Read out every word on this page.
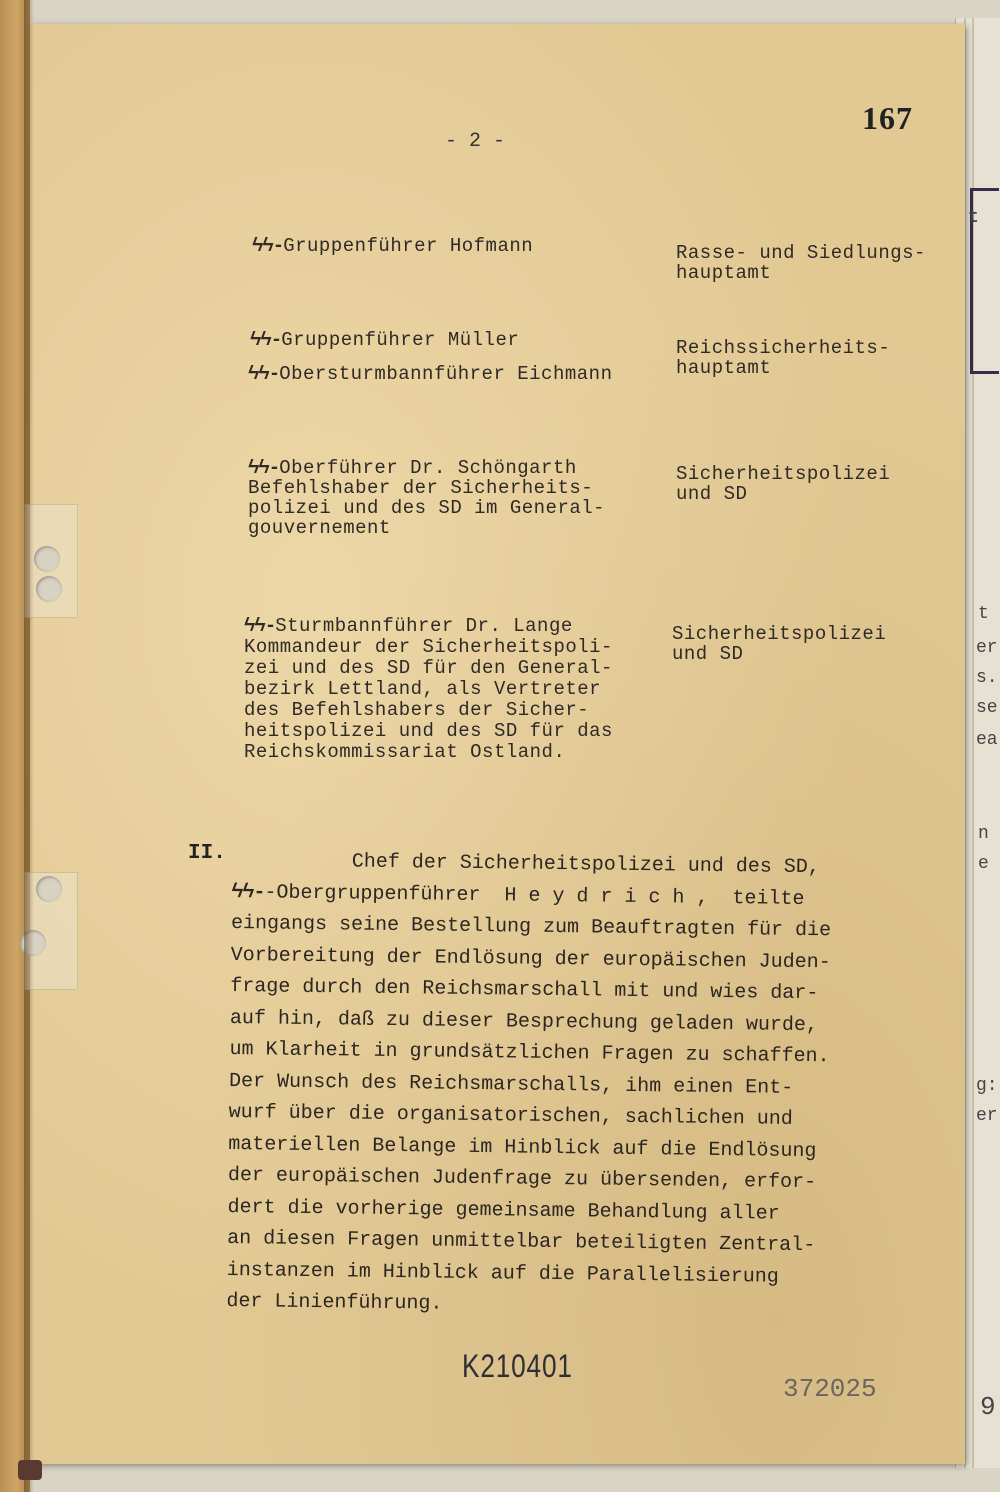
t
t
er
s.
se
ea
n
e
g:
er
9
167
- 2 -
ϟϟ-Gruppenführer Hofmann	Rasse- und Siedlungs-
hauptamt
ϟϟ-Gruppenführer Müller
ϟϟ-Obersturmbannführer Eichmann
Reichssicherheits-
hauptamt
ϟϟ-Oberführer Dr. Schöngarth
Befehlshaber der Sicherheits-
polizei und des SD im General-
gouvernement
Sicherheitspolizei
und SD
ϟϟ-Sturmbannführer Dr. Lange
Kommandeur der Sicherheitspoli-
zei und des SD für den General-
bezirk Lettland, als Vertreter
des Befehlshabers der Sicher-
heitspolizei und des SD für das
Reichskommissariat Ostland.
Sicherheitspolizei
und SD
II. Chef der Sicherheitspolizei und des SD,
ϟϟ--Obergruppenführer  H e y d r i c h ,  teilte
eingangs seine Bestellung zum Beauftragten für die
Vorbereitung der Endlösung der europäischen Juden-
frage durch den Reichsmarschall mit und wies dar-
auf hin, daß zu dieser Besprechung geladen wurde,
um Klarheit in grundsätzlichen Fragen zu schaffen.
Der Wunsch des Reichsmarschalls, ihm einen Ent-
wurf über die organisatorischen, sachlichen und
materiellen Belange im Hinblick auf die Endlösung
der europäischen Judenfrage zu übersenden, erfor-
dert die vorherige gemeinsame Behandlung aller
an diesen Fragen unmittelbar beteiligten Zentral-
instanzen im Hinblick auf die Parallelisierung
der Linienführung.
K210401
372025
